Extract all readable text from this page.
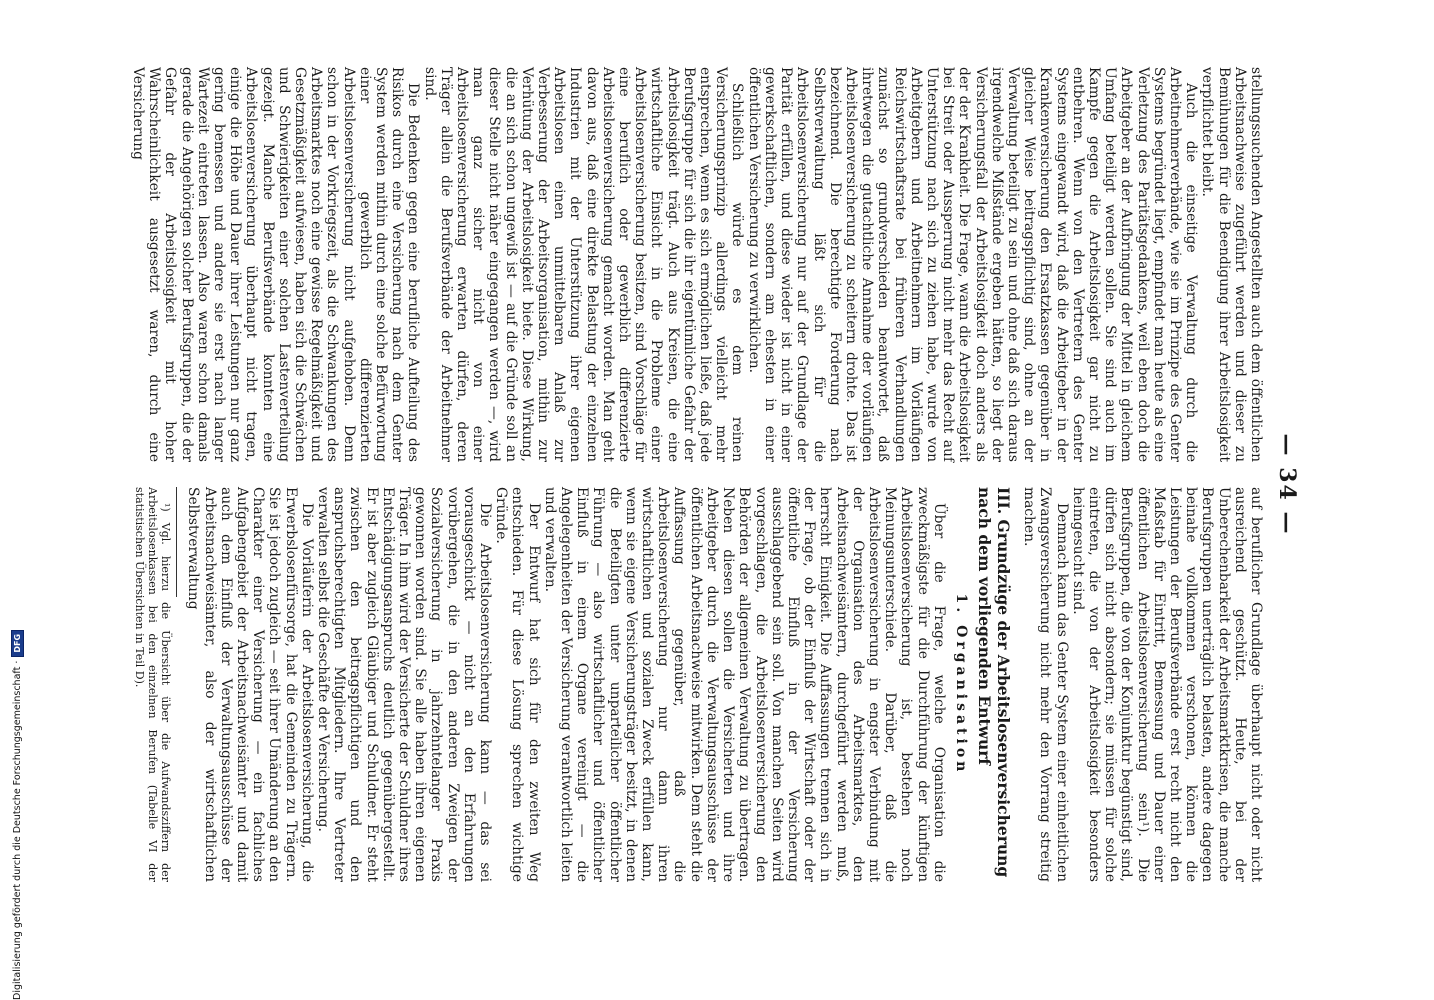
Digitalisierung gefördert durch die Deutsche Forschungsgemeinschaft ·
DFG
— 34 —

stellungssuchenden Angestellten auch dem öffentlichen Arbeitsnachweise zugeführt werden und dieser zu Bemühungen für die Beendigung ihrer Arbeitslosigkeit verpflichtet bleibt.

Auch die einseitige Verwaltung durch die Arbeitnehmerverbände, wie sie im Prinzipe des Genter Systems begründet liegt, empfindet man heute als eine Verletzung des Paritätsgedankens, weil eben doch die Arbeitgeber an der Aufbringung der Mittel in gleichem Umfang beteiligt werden sollen. Sie sind auch im Kampfe gegen die Arbeitslosigkeit gar nicht zu entbehren. Wenn von den Vertretern des Genter Systems eingewandt wird, daß die Arbeitgeber in der Krankenversicherung den Ersatzkassen gegenüber in gleicher Weise beitragspflichtig sind, ohne an der Verwaltung beteiligt zu sein und ohne daß sich daraus irgendwelche Mißstände ergeben hätten, so liegt der Versicherungsfall der Arbeitslosigkeit doch anders als der der Krankheit. Die Frage, wann die Arbeitslosigkeit bei Streit oder Aussperrung nicht mehr das Recht auf Unterstützung nach sich zu ziehen habe, wurde von Arbeitgebern und Arbeitnehmern im Vorläufigen Reichswirtschaftsrate bei früheren Verhandlungen zunächst so grundverschieden beantwortet, daß ihretwegen die gutachtliche Annahme der vorläufigen Arbeitslosenversicherung zu scheitern drohte. Das ist bezeichnend. Die berechtigte Forderung nach Selbstverwaltung läßt sich für die Arbeitslosenversicherung nur auf der Grundlage der Parität erfüllen, und diese wieder ist nicht in einer gewerkschaftlichen, sondern am ehesten in einer öffentlichen Versicherung zu verwirklichen.

Schließlich würde es dem reinen Versicherungsprinzip allerdings vielleicht mehr entsprechen, wenn es sich ermöglichen ließe, daß jede Berufsgruppe für sich die ihr eigentümliche Gefahr der Arbeitslosigkeit trägt. Auch aus Kreisen, die eine wirtschaftliche Einsicht in die Probleme einer Arbeitslosenversicherung besitzen, sind Vorschläge für eine beruflich oder gewerblich differenzierte Arbeitslosenversicherung gemacht worden. Man geht davon aus, daß eine direkte Belastung der einzelnen Industrien mit der Unterstützung ihrer eigenen Arbeitslosen einen unmittelbaren Anlaß zur Verbesserung der Arbeitsorganisation, mithin zur Verhütung der Arbeitslosigkeit biete. Diese Wirkung, die an sich schon ungewiß ist — auf die Gründe soll an dieser Stelle nicht näher eingegangen werden —, wird man ganz sicher nicht von einer Arbeitslosenversicherung erwarten dürfen, deren Träger allein die Berufsverbände der Arbeitnehmer sind.

Die Bedenken gegen eine berufliche Aufteilung des Risikos durch eine Versicherung nach dem Genter System werden mithin durch eine solche Befürwortung einer gewerblich differenzierten Arbeitslosenversicherung nicht aufgehoben. Denn schon in der Vorkriegszeit, als die Schwankungen des Arbeitsmarktes noch eine gewisse Regelmäßigkeit und Gesetzmäßigkeit aufwiesen, haben sich die Schwächen und Schwierigkeiten einer solchen Lastenverteilung gezeigt. Manche Berufsverbände konnten eine Arbeitslosenversicherung überhaupt nicht tragen, einige die Höhe und Dauer ihrer Leistungen nur ganz gering bemessen und andere sie erst nach langer Wartezeit eintreten lassen. Also waren schon damals gerade die Angehörigen solcher Berufsgruppen, die der Gefahr der Arbeitslosigkeit mit hoher Wahrscheinlichkeit ausgesetzt waren, durch eine Versicherung

auf beruflicher Grundlage überhaupt nicht oder nicht ausreichend geschützt. Heute, bei der Unberechenbarkeit der Arbeitsmarktkrisen, die manche Berufsgruppen unerträglich belasten, andere dagegen beinahe vollkommen verschonen, können die Leistungen der Berufsverbände erst recht nicht den Maßstab für Eintritt, Bemessung und Dauer einer öffentlichen Arbeitslosenversicherung sein¹). Die Berufsgruppen, die von der Konjunktur begünstigt sind, dürfen sich nicht absondern; sie müssen für solche eintreten, die von der Arbeitslosigkeit besonders heimgesucht sind.

Demnach kann das Genter System einer einheitlichen Zwangsversicherung nicht mehr den Vorrang streitig machen.

III. Grundzüge der Arbeitslosenversicherung nach dem vorliegenden Entwurf
1. Organisation

Über die Frage, welche Organisation die zweckmäßigste für die Durchführung der künftigen Arbeitslosenversicherung ist, bestehen noch Meinungsunterschiede. Darüber, daß die Arbeitslosenversicherung in engster Verbindung mit der Organisation des Arbeitsmarktes, den Arbeitsnachweisämtern, durchgeführt werden muß, herrscht Einigkeit. Die Auffassungen trennen sich in der Frage, ob der Einfluß der Wirtschaft oder der öffentliche Einfluß in der Versicherung ausschlaggebend sein soll. Von manchen Seiten wird vorgeschlagen, die Arbeitslosenversicherung den Behörden der allgemeinen Verwaltung zu übertragen. Neben diesen sollen die Versicherten und ihre Arbeitgeber durch die Verwaltungsausschüsse der öffentlichen Arbeitsnachweise mitwirken. Dem steht die Auffassung gegenüber, daß die Arbeitslosenversicherung nur dann ihren wirtschaftlichen und sozialen Zweck erfüllen kann, wenn sie eigene Versicherungsträger besitzt, in denen die Beteiligten unter unparteilicher öffentlicher Führung — also wirtschaftlicher und öffentlicher Einfluß in einem Organe vereinigt — die Angelegenheiten der Versicherung verantwortlich leiten und verwalten.

Der Entwurf hat sich für den zweiten Weg entschieden. Für diese Lösung sprechen wichtige Gründe.

Die Arbeitslosenversicherung kann — das sei vorausgeschickt — nicht an den Erfahrungen vorübergehen, die in den anderen Zweigen der Sozialversicherung in jahrzehntelanger Praxis gewonnen worden sind. Sie alle haben ihren eigenen Träger. In ihm wird der Versicherte der Schuldner ihres Entschädigungsanspruchs deutlich gegenübergestellt. Er ist aber zugleich Gläubiger und Schuldner. Er steht zwischen den beitragspflichtigen und den anspruchsberechtigten Mitgliedern. Ihre Vertreter verwalten selbst die Geschäfte der Versicherung.

Die Vorläuferin der Arbeitslosenversicherung, die Erwerbslosenfürsorge, hat die Gemeinden zu Trägern. Sie ist jedoch zugleich — seit ihrer Umänderung an den Charakter einer Versicherung — ein fachliches Aufgabengebiet der Arbeitsnachweisämter und damit auch dem Einfluß der Verwaltungsausschüsse der Arbeitsnachweisämter, also der wirtschaftlichen Selbstverwaltung

¹) Vgl. hierzu die Übersicht über die Aufwandsziffern der Arbeitslosenkassen bei den einzelnen Berufen (Tabelle VI der statistischen Übersichten in Teil D).
